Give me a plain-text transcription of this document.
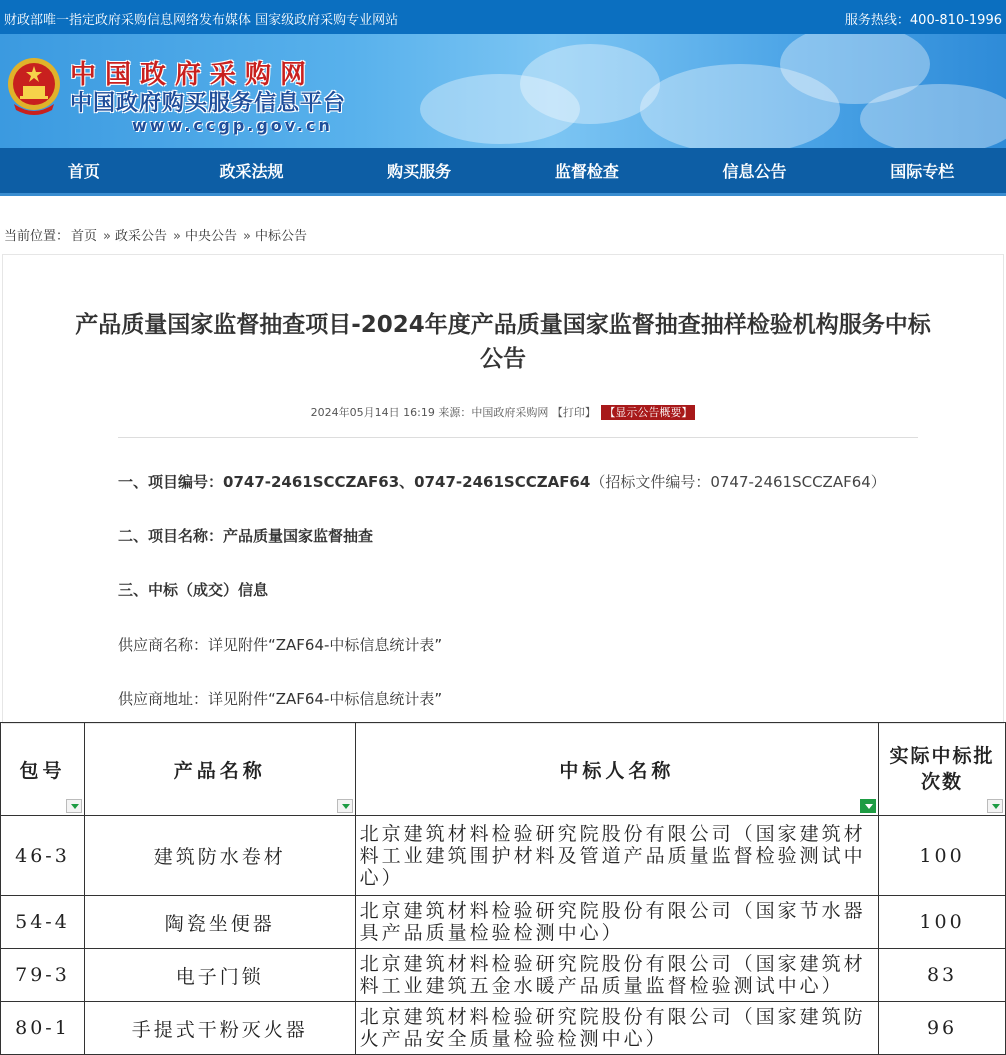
财政部唯一指定政府采购信息网络发布媒体 国家级政府采购专业网站	服务热线：400-810-1996
中国政府采购网
中国政府购买服务信息平台
www.ccgp.gov.cn
首页	政采法规	购买服务	监督检查	信息公告	国际专栏
当前位置： 首页 » 政采公告 » 中央公告 » 中标公告
产品质量国家监督抽查项目-2024年度产品质量国家监督抽查抽样检验机构服务中标
公告
2024年05月14日 16:19 来源：中国政府采购网 【打印】 【显示公告概要】
一、项目编号：0747-2461SCCZAF63、0747-2461SCCZAF64（招标文件编号：0747-2461SCCZAF64）
二、项目名称：产品质量国家监督抽查
三、中标（成交）信息
供应商名称：详见附件“ZAF64-中标信息统计表”
供应商地址：详见附件“ZAF64-中标信息统计表”
包号	产品名称	中标人名称	实际中标批
次数

46-3	建筑防水卷材	北京建筑材料检验研究院股份有限公司（国家建筑材料工业建筑围护材料及管道产品质量监督检验测试中心）	100
54-4	陶瓷坐便器	北京建筑材料检验研究院股份有限公司（国家节水器具产品质量检验检测中心）	100
79-3	电子门锁	北京建筑材料检验研究院股份有限公司（国家建筑材料工业建筑五金水暖产品质量监督检验测试中心）	83
80-1	手提式干粉灭火器	北京建筑材料检验研究院股份有限公司（国家建筑防火产品安全质量检验检测中心）	96
